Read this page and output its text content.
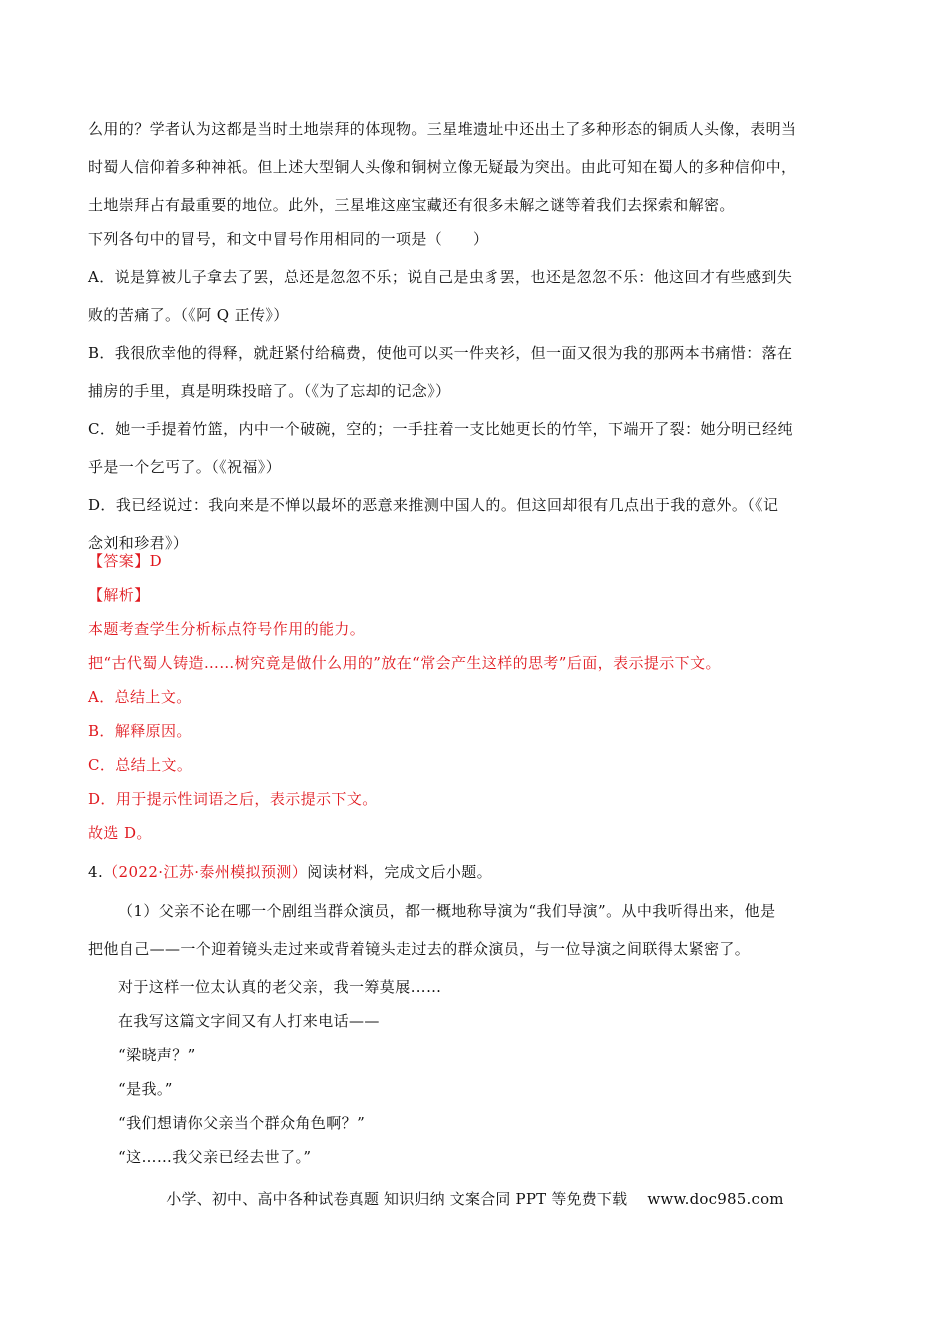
么用的？学者认为这都是当时土地崇拜的体现物。三星堆遗址中还出土了多种形态的铜质人头像，表明当

时蜀人信仰着多种神祇。但上述大型铜人头像和铜树立像无疑最为突出。由此可知在蜀人的多种信仰中，

土地崇拜占有最重要的地位。此外，三星堆这座宝藏还有很多未解之谜等着我们去探索和解密。

下列各句中的冒号，和文中冒号作用相同的一项是（　　）

A．说是算被儿子拿去了罢，总还是忽忽不乐；说自己是虫豸罢，也还是忽忽不乐：他这回才有些感到失

败的苦痛了。（《阿 Q 正传》）

B．我很欣幸他的得释，就赶紧付给稿费，使他可以买一件夹衫，但一面又很为我的那两本书痛惜：落在

捕房的手里，真是明珠投暗了。（《为了忘却的记念》）

C．她一手提着竹篮，内中一个破碗，空的；一手拄着一支比她更长的竹竿，下端开了裂：她分明已经纯

乎是一个乞丐了。（《祝福》）

D．我已经说过：我向来是不惮以最坏的恶意来推测中国人的。但这回却很有几点出于我的意外。（《记

念刘和珍君》）

【答案】D

【解析】

本题考查学生分析标点符号作用的能力。

把“古代蜀人铸造……树究竟是做什么用的”放在“常会产生这样的思考”后面，表示提示下文。

A．总结上文。

B．解释原因。

C．总结上文。

D．用于提示性词语之后，表示提示下文。

故选 D。

4.（2022·江苏·泰州模拟预测）阅读材料，完成文后小题。

（1）父亲不论在哪一个剧组当群众演员，都一概地称导演为“我们导演”。从中我听得出来，他是

把他自己——一个迎着镜头走过来或背着镜头走过去的群众演员，与一位导演之间联得太紧密了。

对于这样一位太认真的老父亲，我一筹莫展……

在我写这篇文字间又有人打来电话——

“梁晓声？”

“是我。”

“我们想请你父亲当个群众角色啊？”

“这……我父亲已经去世了。”

小学、初中、高中各种试卷真题 知识归纳 文案合同 PPT 等免费下载 www.doc985.com
